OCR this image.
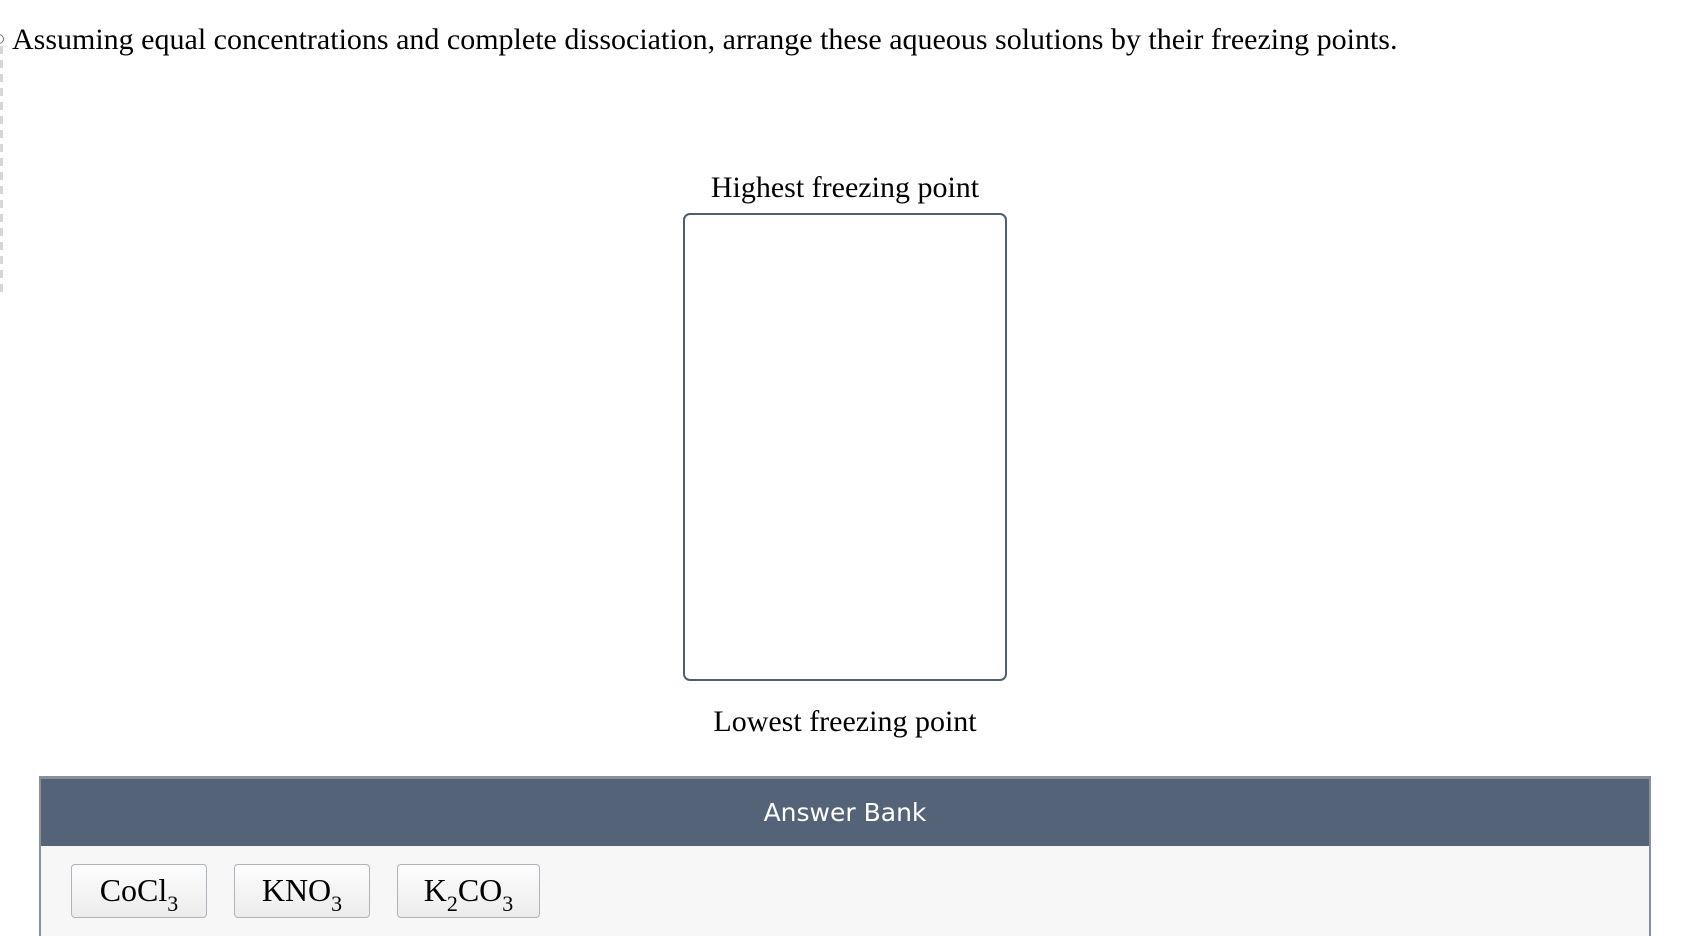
Assuming equal concentrations and complete dissociation, arrange these aqueous solutions by their freezing points.
Highest freezing point
Lowest freezing point
Answer Bank
CoCl$_3$	$KNO_3$	$K_2CO_3$
